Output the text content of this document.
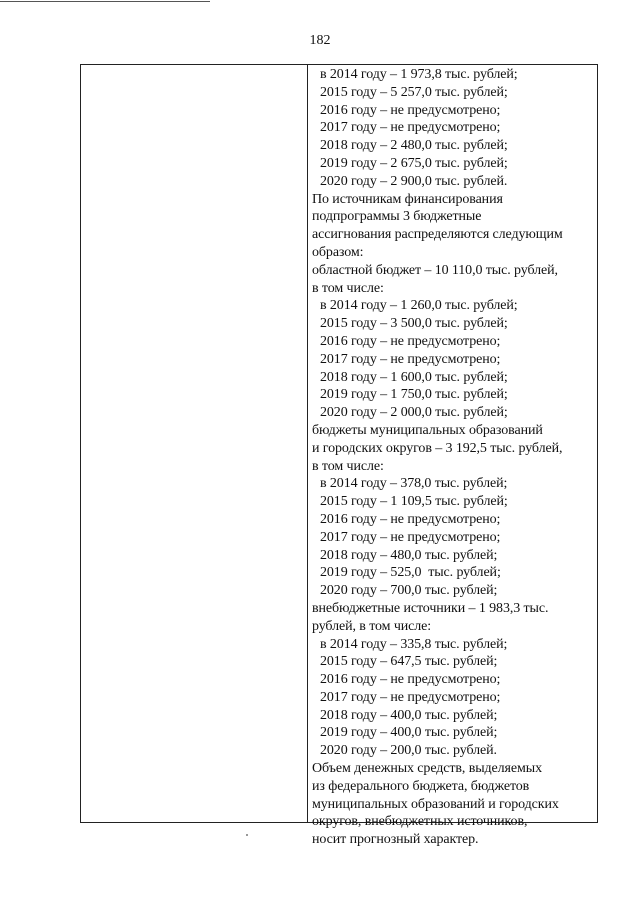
182
в 2014 году – 1 973,8 тыс. рублей;
2015 году – 5 257,0 тыс. рублей;
2016 году – не предусмотрено;
2017 году – не предусмотрено;
2018 году – 2 480,0 тыс. рублей;
2019 году – 2 675,0 тыс. рублей;
2020 году – 2 900,0 тыс. рублей.
По источникам финансирования
подпрограммы 3 бюджетные
ассигнования распределяются следующим
образом:
областной бюджет – 10 110,0 тыс. рублей,
в том числе:
в 2014 году – 1 260,0 тыс. рублей;
2015 году – 3 500,0 тыс. рублей;
2016 году – не предусмотрено;
2017 году – не предусмотрено;
2018 году – 1 600,0 тыс. рублей;
2019 году – 1 750,0 тыс. рублей;
2020 году – 2 000,0 тыс. рублей;
бюджеты муниципальных образований
и городских округов – 3 192,5 тыс. рублей,
в том числе:
в 2014 году – 378,0 тыс. рублей;
2015 году – 1 109,5 тыс. рублей;
2016 году – не предусмотрено;
2017 году – не предусмотрено;
2018 году – 480,0 тыс. рублей;
2019 году – 525,0  тыс. рублей;
2020 году – 700,0 тыс. рублей;
внебюджетные источники – 1 983,3 тыс.
рублей, в том числе:
в 2014 году – 335,8 тыс. рублей;
2015 году – 647,5 тыс. рублей;
2016 году – не предусмотрено;
2017 году – не предусмотрено;
2018 году – 400,0 тыс. рублей;
2019 году – 400,0 тыс. рублей;
2020 году – 200,0 тыс. рублей.
Объем денежных средств, выделяемых
из федерального бюджета, бюджетов
муниципальных образований и городских
округов, внебюджетных источников,
носит прогнозный характер.
